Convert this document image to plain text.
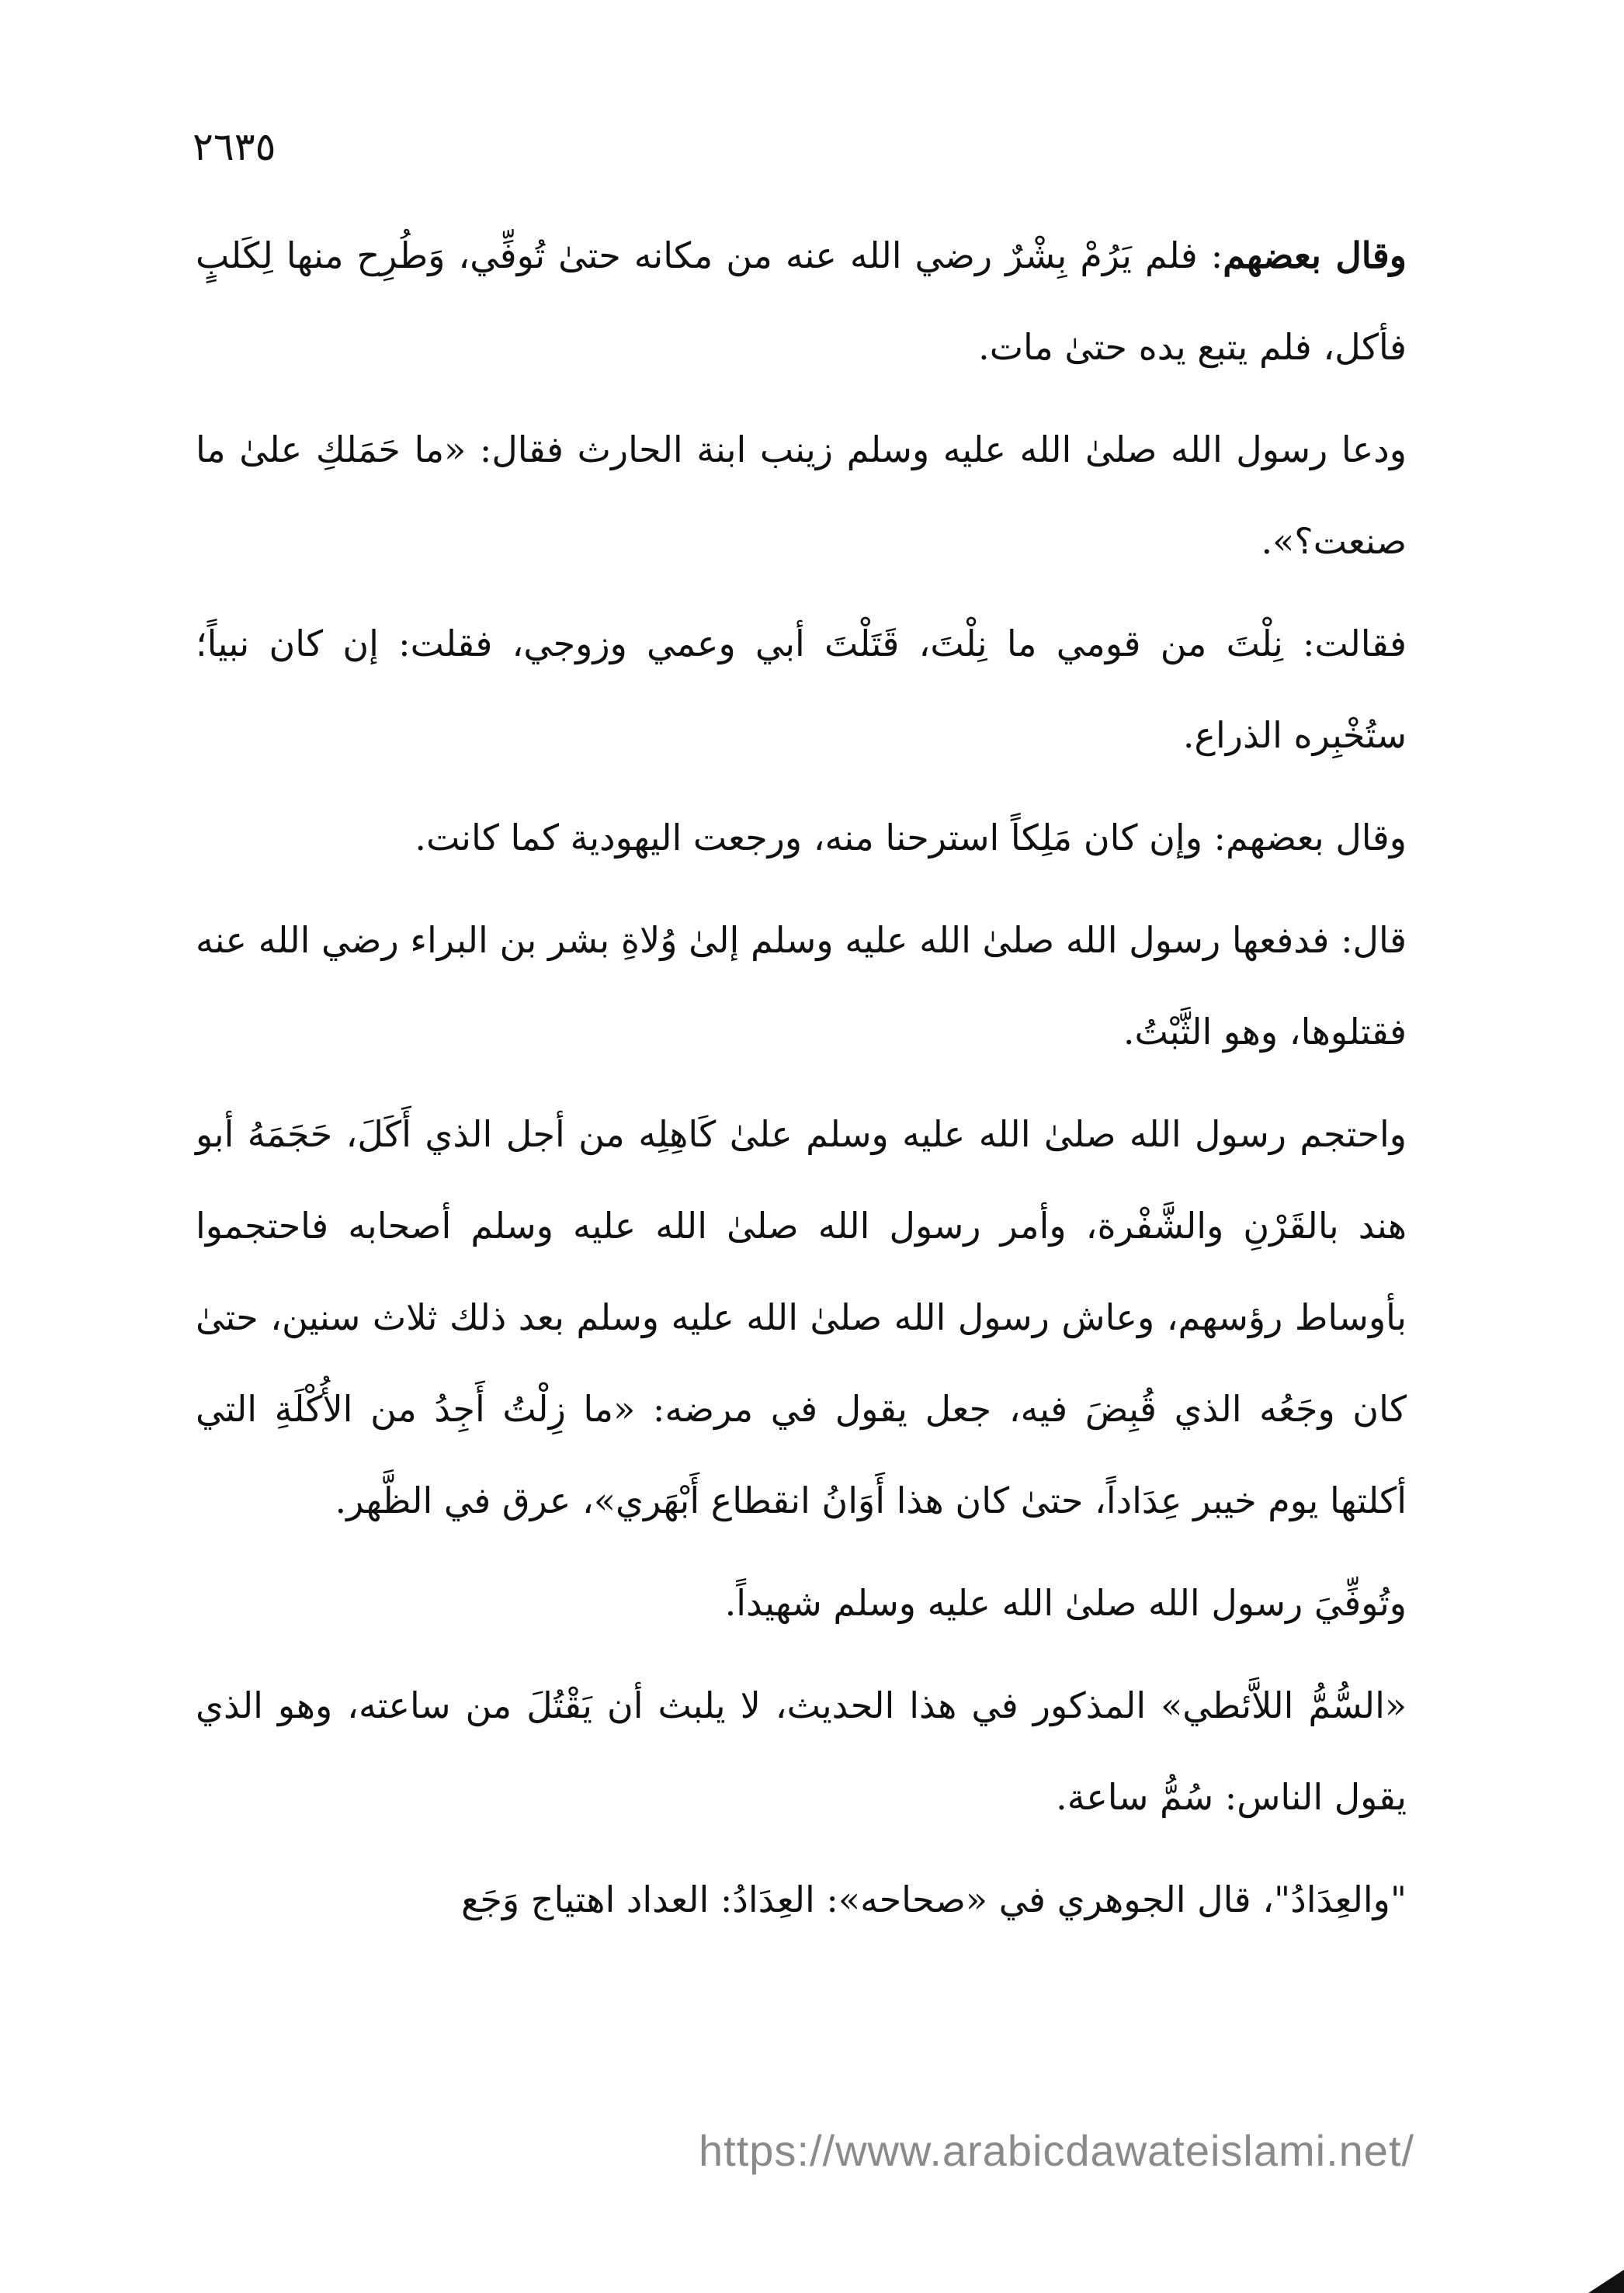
٢٦٣٥

وقال بعضهم: فلم يَرُمْ بِشْرٌ رضي الله عنه من مكانه حتىٰ تُوفِّي، وَطُرِح منها لِكَلبٍ فأكل، فلم يتبع يده حتىٰ مات.

ودعا رسول الله صلىٰ الله عليه وسلم زينب ابنة الحارث فقال: «ما حَمَلكِ علىٰ ما صنعت؟».

فقالت: نِلْتَ من قومي ما نِلْتَ، قَتَلْتَ أبي وعمي وزوجي، فقلت: إن كان نبياً؛ ستُخْبِره الذراع.

وقال بعضهم: وإن كان مَلِكاً استرحنا منه، ورجعت اليهودية كما كانت.

قال: فدفعها رسول الله صلىٰ الله عليه وسلم إلىٰ وُلاةِ بشر بن البراء رضي الله عنه فقتلوها، وهو الثَّبْتُ.

واحتجم رسول الله صلىٰ الله عليه وسلم علىٰ كَاهِلِه من أجل الذي أَكَلَ، حَجَمَهُ أبو هند بالقَرْنِ والشَّفْرة، وأمر رسول الله صلىٰ الله عليه وسلم أصحابه فاحتجموا بأوساط رؤسهم، وعاش رسول الله صلىٰ الله عليه وسلم بعد ذلك ثلاث سنين، حتىٰ كان وجَعُه الذي قُبِضَ فيه، جعل يقول في مرضه: «ما زِلْتُ أَجِدُ من الأُكْلَةِ التي أكلتها يوم خيبر عِدَاداً، حتىٰ كان هذا أَوَانُ انقطاع أَبْهَري»، عرق في الظَّهر.

وتُوفِّيَ رسول الله صلىٰ الله عليه وسلم شهيداً.

«السُّمُّ اللاَّئطي» المذكور في هذا الحديث، لا يلبث أن يَقْتُلَ من ساعته، وهو الذي يقول الناس: سُمُّ ساعة.

"والعِدَادُ"، قال الجوهري في «صحاحه»: العِدَادُ: العداد اهتياج وَجَع

https://www.arabicdawateislami.net/
